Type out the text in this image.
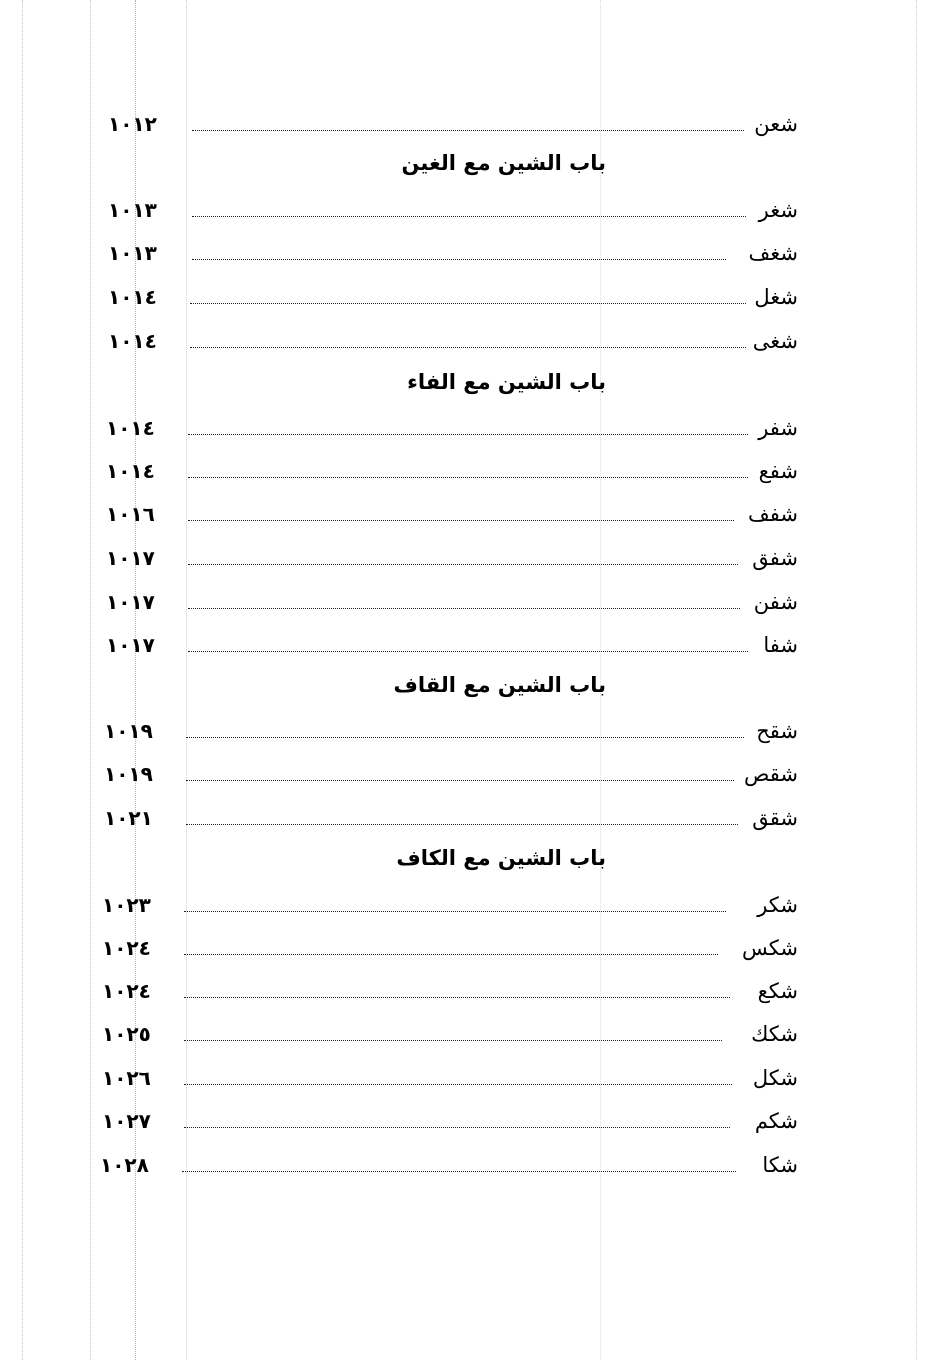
شعن
١٠١٢
باب الشين مع الغين
شغر
١٠١٣
شغف
١٠١٣
شغل
١٠١٤
شغى
١٠١٤
باب الشين مع الفاء
شفر
١٠١٤
شفع
١٠١٤
شفف
١٠١٦
شفق
١٠١٧
شفن
١٠١٧
شفا
١٠١٧
باب الشين مع القاف
شقح
١٠١٩
شقص
١٠١٩
شقق
١٠٢١
باب الشين مع الكاف
شكر
١٠٢٣
شكس
١٠٢٤
شكع
١٠٢٤
شكك
١٠٢٥
شكل
١٠٢٦
شكم
١٠٢٧
شكا
١٠٢٨
